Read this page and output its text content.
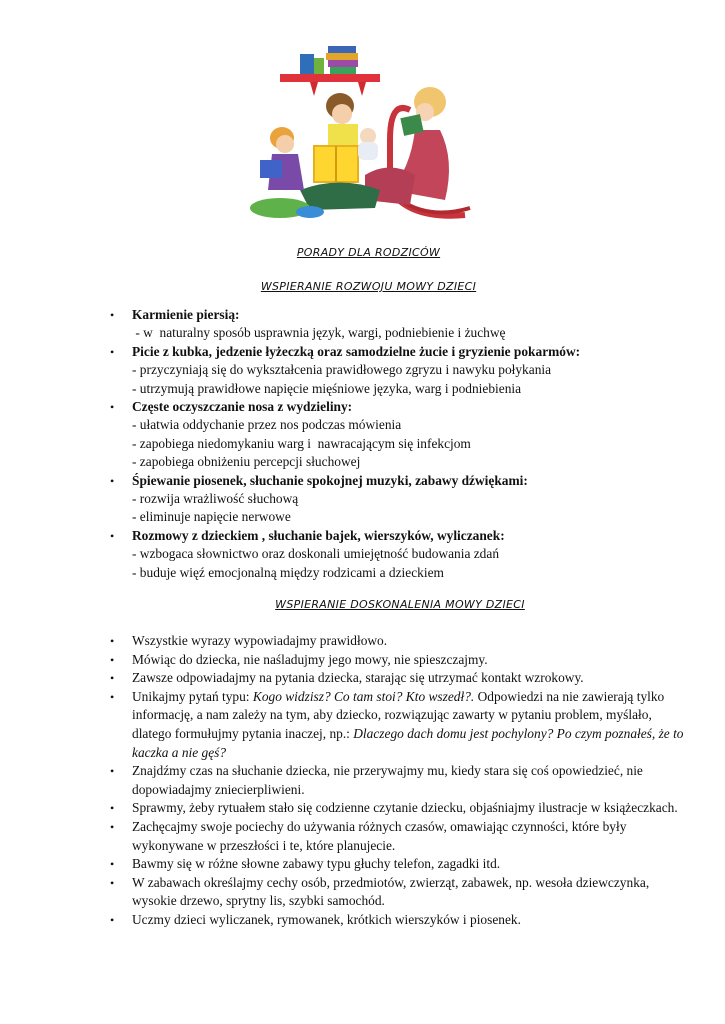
PORADY DLA RODZICÓW
WSPIERANIE ROZWOJU MOWY DZIECI
• Karmienie piersią:
- w  naturalny sposób usprawnia język, wargi, podniebienie i żuchwę
• Picie z kubka, jedzenie łyżeczką oraz samodzielne żucie i gryzienie pokarmów:
- przyczyniają się do wykształcenia prawidłowego zgryzu i nawyku połykania
- utrzymują prawidłowe napięcie mięśniowe języka, warg i podniebienia
• Częste oczyszczanie nosa z wydzieliny:
- ułatwia oddychanie przez nos podczas mówienia
- zapobiega niedomykaniu warg i  nawracającym się infekcjom
- zapobiega obniżeniu percepcji słuchowej
• Śpiewanie piosenek, słuchanie spokojnej muzyki, zabawy dźwiękami:
- rozwija wrażliwość słuchową
- eliminuje napięcie nerwowe
• Rozmowy z dzieckiem , słuchanie bajek, wierszyków, wyliczanek:
- wzbogaca słownictwo oraz doskonali umiejętność budowania zdań
- buduje więź emocjonalną między rodzicami a dzieckiem
WSPIERANIE DOSKONALENIA MOWY DZIECI
• Wszystkie wyrazy wypowiadajmy prawidłowo.
• Mówiąc do dziecka, nie naśladujmy jego mowy, nie spieszczajmy.
• Zawsze odpowiadajmy na pytania dziecka, starając się utrzymać kontakt wzrokowy.
• Unikajmy pytań typu: Kogo widzisz? Co tam stoi? Kto wszedł?. Odpowiedzi na nie zawierają tylko informację, a nam zależy na tym, aby dziecko, rozwiązując zawarty w pytaniu problem, myślało, dlatego formułujmy pytania inaczej, np.: Dlaczego dach domu jest pochylony? Po czym poznałeś, że to kaczka a nie gęś?
• Znajdźmy czas na słuchanie dziecka, nie przerywajmy mu, kiedy stara się coś opowiedzieć, nie
dopowiadajmy zniecierpliwieni.
• Sprawmy, żeby rytuałem stało się codzienne czytanie dziecku, objaśniajmy ilustracje w książeczkach.
• Zachęcajmy swoje pociechy do używania różnych czasów, omawiając czynności, które były
wykonywane w przeszłości i te, które planujecie.
• Bawmy się w różne słowne zabawy typu głuchy telefon, zagadki itd.
• W zabawach określajmy cechy osób, przedmiotów, zwierząt, zabawek, np. wesoła dziewczynka,
wysokie drzewo, sprytny lis, szybki samochód.
• Uczmy dzieci wyliczanek, rymowanek, krótkich wierszyków i piosenek.
